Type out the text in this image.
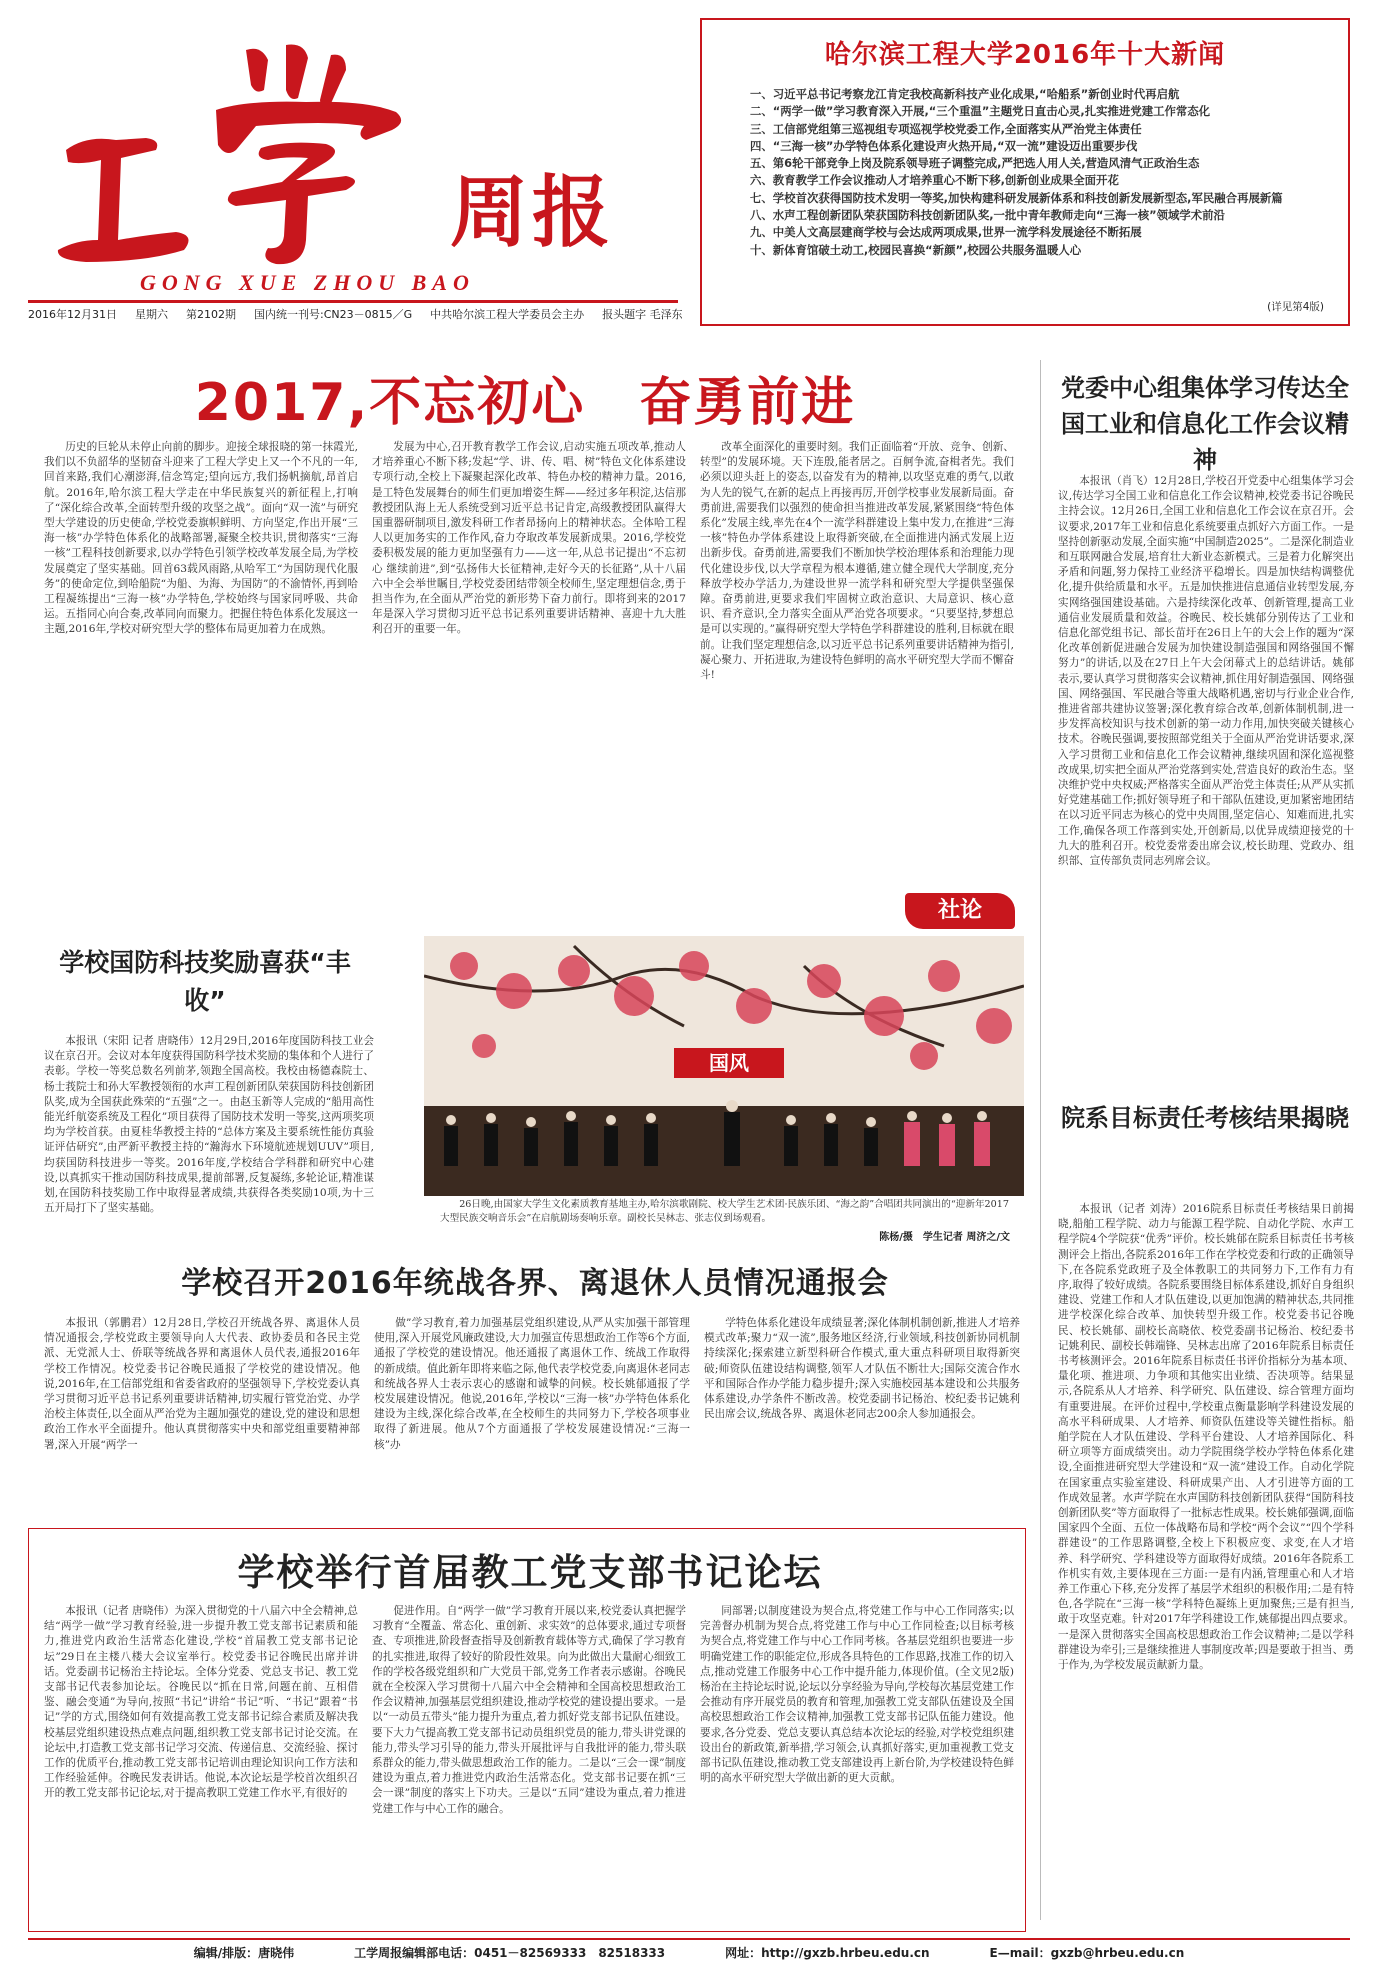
周报
GONG XUE ZHOU BAO
2016年12月31日 星期六 第2102期 国内统一刊号:CN23－0815／G 中共哈尔滨工程大学委员会主办 报头题字 毛泽东
哈尔滨工程大学2016年十大新闻
一、习近平总书记考察龙江肯定我校高新科技产业化成果,“哈船系”新创业时代再启航
二、“两学一做”学习教育深入开展,“三个重温”主题党日直击心灵,扎实推进党建工作常态化
三、工信部党组第三巡视组专项巡视学校党委工作,全面落实从严治党主体责任
四、“三海一核”办学特色体系化建设声火热开局,“双一流”建设迈出重要步伐
五、第6轮干部竞争上岗及院系领导班子调整完成,严把选人用人关,营造风清气正政治生态
六、教育教学工作会议推动人才培养重心不断下移,创新创业成果全面开花
七、学校首次获得国防技术发明一等奖,加快构建科研发展新体系和科技创新发展新型态,军民融合再展新篇
八、水声工程创新团队荣获国防科技创新团队奖,一批中青年教师走向“三海一核”领域学术前沿
九、中美人文高层建商学校与会达成两项成果,世界一流学科发展途径不断拓展
十、新体育馆破土动工,校园民喜换“新颜”,校园公共服务温暖人心
(详见第4版)
2017,不忘初心　奋勇前进
历史的巨轮从未停止向前的脚步。迎接全球报晓的第一抹霞光,我们以不负韶华的坚韧奋斗迎来了工程大学史上又一个不凡的一年,回首来路,我们心潮澎湃,信念笃定;望向远方,我们扬帆摘航,昂首启航。2016年,哈尔滨工程大学走在中华民族复兴的新征程上,打响了“深化综合改革,全面转型升级的攻坚之战”。面向“双一流”与研究型大学建设的历史使命,学校党委旗帜鲜明、方向坚定,作出开展“三海一核”办学特色体系化的战略部署,凝聚全校共识,贯彻落实“三海一核”工程科技创新要求,以办学特色引领学校改革发展全局,为学校发展奠定了坚实基础。回首63载风雨路,从哈军工“为国防现代化服务”的使命定位,到哈船院“为船、为海、为国防”的不渝情怀,再到哈工程凝练提出“三海一核”办学特色,学校始终与国家同呼吸、共命运。五指同心向合奏,改革同向而聚力。把握住特色体系化发展这一主题,2016年,学校对研究型大学的整体布局更加着力在成熟。
发展为中心,召开教育教学工作会议,启动实施五项改革,推动人才培养重心不断下移;发起“学、讲、传、唱、树”特色文化体系建设专项行动,全校上下凝聚起深化改革、特色办校的精神力量。2016,是工特色发展舞台的师生们更加增姿生辉——经过多年积淀,达信那教授团队海上无人系统受到习近平总书记肯定,高级教授团队赢得大国重器研制项目,激发科研工作者昂扬向上的精神状态。全体哈工程人以更加务实的工作作风,奋力夺取改革发展新成果。2016,学校党委积极发展的能力更加坚强有力——这一年,从总书记提出“不忘初心 继续前进”,到“弘扬伟大长征精神,走好今天的长征路”,从十八届六中全会举世瞩目,学校党委团结带领全校师生,坚定理想信念,勇于担当作为,在全面从严治党的新形势下奋力前行。即将到来的2017年是深入学习贯彻习近平总书记系列重要讲话精神、喜迎十九大胜利召开的重要一年。
改革全面深化的重要时刻。我们正面临着“开放、竞争、创新、转型”的发展环境。天下连殷,能者居之。百舸争流,奋楫者先。我们必须以迎头赶上的姿态,以奋发有为的精神,以攻坚克难的勇气,以敢为人先的锐气,在新的起点上再接再厉,开创学校事业发展新局面。奋勇前进,需要我们以强烈的使命担当推进改革发展,紧紧围绕“特色体系化”发展主线,率先在4个一流学科群建设上集中发力,在推进“三海一核”特色办学体系建设上取得新突破,在全面推进内涵式发展上迈出新步伐。奋勇前进,需要我们不断加快学校治理体系和治理能力现代化建设步伐,以大学章程为根本遵循,建立健全现代大学制度,充分释放学校办学活力,为建设世界一流学科和研究型大学提供坚强保障。奋勇前进,更要求我们牢固树立政治意识、大局意识、核心意识、看齐意识,全力落实全面从严治党各项要求。“只要坚持,梦想总是可以实现的。”赢得研究型大学特色学科群建设的胜利,目标就在眼前。让我们坚定理想信念,以习近平总书记系列重要讲话精神为指引,凝心聚力、开拓进取,为建设特色鲜明的高水平研究型大学而不懈奋斗!
社论
党委中心组集体学习传达全国工业和信息化工作会议精神
本报讯（肖飞）12月28日,学校召开党委中心组集体学习会议,传达学习全国工业和信息化工作会议精神,校党委书记谷晚民主持会议。12月26日,全国工业和信息化工作会议在京召开。会议要求,2017年工业和信息化系统要重点抓好六方面工作。一是坚持创新驱动发展,全面实施“中国制造2025”。二是深化制造业和互联网融合发展,培育壮大新业态新模式。三是着力化解突出矛盾和问题,努力保持工业经济平稳增长。四是加快结构调整优化,提升供给质量和水平。五是加快推进信息通信业转型发展,夯实网络强国建设基础。六是持续深化改革、创新管理,提高工业通信业发展质量和效益。谷晚民、校长姚郁分别传达了工业和信息化部党组书记、部长苗圩在26日上午的大会上作的题为“深化改革创新促进融合发展为加快建设制造强国和网络强国不懈努力”的讲话,以及在27日上午大会闭幕式上的总结讲话。姚郁表示,要认真学习贯彻落实会议精神,抓住用好制造强国、网络强国、网络强国、军民融合等重大战略机遇,密切与行业企业合作,推进省部共建协议签署;深化教育综合改革,创新体制机制,进一步发挥高校知识与技术创新的第一动力作用,加快突破关键核心技术。谷晚民强调,要按照部党组关于全面从严治党讲话要求,深入学习贯彻工业和信息化工作会议精神,继续巩固和深化巡视整改成果,切实把全面从严治党落到实处,营造良好的政治生态。坚决维护党中央权威;严格落实全面从严治党主体责任;从严从实抓好党建基础工作;抓好领导班子和干部队伍建设,更加紧密地团结在以习近平同志为核心的党中央周围,坚定信心、知难而进,扎实工作,确保各项工作落到实处,开创新局,以优异成绩迎接党的十九大的胜利召开。校党委常委出席会议,校长助理、党政办、组织部、宣传部负责同志列席会议。
院系目标责任考核结果揭晓
本报讯（记者 刘涛）2016院系目标责任考核结果日前揭晓,船舶工程学院、动力与能源工程学院、自动化学院、水声工程学院4个学院获“优秀”评价。校长姚郁在院系目标责任书考核测评会上指出,各院系2016年工作在学校党委和行政的正确领导下,在各院系党政班子及全体教职工的共同努力下,工作有力有序,取得了较好成绩。各院系要围绕目标体系建设,抓好自身组织建设、党建工作和人才队伍建设,以更加饱满的精神状态,共同推进学校深化综合改革、加快转型升级工作。校党委书记谷晚民、校长姚郁、副校长高晓依、校党委副书记杨治、校纪委书记姚利民、副校长韩端锋、吴林志出席了2016年院系目标责任书考核测评会。2016年院系目标责任书评价指标分为基本项、量化项、推进项、力争项和其他实出业绩、否决项等。结果显示,各院系从人才培养、科学研究、队伍建设、综合管理方面均有重要进展。在评价过程中,学校重点衡量影响学科建设发展的高水平科研成果、人才培养、师资队伍建设等关键性指标。船舶学院在人才队伍建设、学科平台建设、人才培养国际化、科研立项等方面成绩突出。动力学院围绕学校办学特色体系化建设,全面推进研究型大学建设和“双一流”建设工作。自动化学院在国家重点实验室建设、科研成果产出、人才引进等方面的工作成效显著。水声学院在水声国防科技创新团队获得“国防科技创新团队奖”等方面取得了一批标志性成果。校长姚郁强调,面临国家四个全面、五位一体战略布局和学校“两个会议”“四个学科群建设”的工作思路调整,全校上下积极应变、求变,在人才培养、科学研究、学科建设等方面取得好成绩。2016年各院系工作机实有效,主要体现在三方面:一是有内涵,管理重心和人才培养工作重心下移,充分发挥了基层学术组织的积极作用;二是有特色,各学院在“三海一核”学科特色凝练上更加聚焦;三是有担当,敢于攻坚克难。针对2017年学科建设工作,姚郁提出四点要求。一是深入贯彻落实全国高校思想政治工作会议精神;二是以学科群建设为牵引;三是继续推进人事制度改革;四是要敢于担当、勇于作为,为学校发展贡献新力量。
学校国防科技奖励喜获“丰收”
本报讯（宋阳 记者 唐晓伟）12月29日,2016年度国防科技工业会议在京召开。会议对本年度获得国防科学技术奖励的集体和个人进行了表彰。学校一等奖总数名列前茅,领跑全国高校。我校由杨德森院士、杨士莪院士和孙大军教授领衔的水声工程创新团队荣获国防科技创新团队奖,成为全国获此殊荣的“五强”之一。由赵玉新等人完成的“船用高性能光纤航姿系统及工程化”项目获得了国防技术发明一等奖,这两项奖项均为学校首获。由夏桂华教授主持的“总体方案及主要系统性能仿真验证评估研究”,由严新平教授主持的“瀚海水下环境航迹规划UUV”项目,均获国防科技进步一等奖。2016年度,学校结合学科群和研究中心建设,以真抓实干推动国防科技成果,提前部署,反复凝练,多轮论证,精准谋划,在国防科技奖励工作中取得显著成绩,共获得各类奖励10项,为十三五开局打下了坚实基础。
国风
26日晚,由国家大学生文化素质教育基地主办,哈尔滨歌剧院、校大学生艺术团·民族乐团、“海之韵”合唱团共同演出的“迎新年2017大型民族交响音乐会”在启航剧场奏响乐章。副校长吴林志、张志仪到场观看。
陈杨/摄　学生记者 周济之/文
学校召开2016年统战各界、离退休人员情况通报会
本报讯（郭鹏君）12月28日,学校召开统战各界、离退休人员情况通报会,学校党政主要领导向人大代表、政协委员和各民主党派、无党派人士、侨联等统战各界和离退休人员代表,通报2016年学校工作情况。校党委书记谷晚民通报了学校党的建设情况。他说,2016年,在工信部党组和省委省政府的坚强领导下,学校党委认真学习贯彻习近平总书记系列重要讲话精神,切实履行管党治党、办学治校主体责任,以全面从严治党为主题加强党的建设,党的建设和思想政治工作水平全面提升。他认真贯彻落实中央和部党组重要精神部署,深入开展“两学一
做”学习教育,着力加强基层党组织建设,从严从实加强干部管理使用,深入开展党风廉政建设,大力加强宣传思想政治工作等6个方面,通报了学校党的建设情况。他还通报了离退休工作、统战工作取得的新成绩。值此新年即将来临之际,他代表学校党委,向离退休老同志和统战各界人士表示衷心的感谢和诚挚的问候。校长姚郁通报了学校发展建设情况。他说,2016年,学校以“三海一核”办学特色体系化建设为主线,深化综合改革,在全校师生的共同努力下,学校各项事业取得了新进展。他从7个方面通报了学校发展建设情况:“三海一核”办
学特色体系化建设年成绩显著;深化体制机制创新,推进人才培养模式改革;聚力“双一流”,服务地区经济,行业领域,科技创新协同机制持续深化;探索建立新型科研合作模式,重大重点科研项目取得新突破;师资队伍建设结构调整,领军人才队伍不断壮大;国际交流合作水平和国际合作办学能力稳步提升;深入实施校园基本建设和公共服务体系建设,办学条件不断改善。校党委副书记杨治、校纪委书记姚利民出席会议,统战各界、离退休老同志200余人参加通报会。
学校举行首届教工党支部书记论坛
本报讯（记者 唐晓伟）为深入贯彻党的十八届六中全会精神,总结“两学一做”学习教育经验,进一步提升教工党支部书记素质和能力,推进党内政治生活常态化建设,学校“首届教工党支部书记论坛”29日在主楼八楼大会议室举行。校党委书记谷晚民出席并讲话。党委副书记杨治主持论坛。全体分党委、党总支书记、教工党支部书记代表参加论坛。谷晚民以“抓在日常,问题在前、互相借鉴、融会变通”为导向,按照“书记”讲给“书记”听、“书记”跟着“书记”学的方式,围绕如何有效提高教工党支部书记综合素质及解决我校基层党组织建设热点难点问题,组织教工党支部书记讨论交流。在论坛中,打造教工党支部书记学习交流、传递信息、交流经验、探讨工作的优质平台,推动教工党支部书记培训由理论知识向工作方法和工作经验延伸。谷晚民发表讲话。他说,本次论坛是学校首次组织召开的教工党支部书记论坛,对于提高教职工党建工作水平,有很好的
促进作用。自“两学一做”学习教育开展以来,校党委认真把握学习教育“全覆盖、常态化、重创新、求实效”的总体要求,通过专项督查、专项推进,阶段督查指导及创新教育载体等方式,确保了学习教育的扎实推进,取得了较好的阶段性效果。向为此做出大量耐心细致工作的学校各级党组织和广大党员干部,党务工作者表示感谢。谷晚民就在全校深入学习贯彻十八届六中全会精神和全国高校思想政治工作会议精神,加强基层党组织建设,推动学校党的建设提出要求。一是以“一动员五带头”能力提升为重点,着力抓好党支部书记队伍建设。要下大力气提高教工党支部书记动员组织党员的能力,带头讲党课的能力,带头学习引导的能力,带头开展批评与自我批评的能力,带头联系群众的能力,带头做思想政治工作的能力。二是以“三会一课”制度建设为重点,着力推进党内政治生活常态化。党支部书记要在抓“三会一课”制度的落实上下功夫。三是以“五同”建设为重点,着力推进党建工作与中心工作的融合。
同部署;以制度建设为契合点,将党建工作与中心工作同落实;以完善督办机制为契合点,将党建工作与中心工作同检查;以目标考核为契合点,将党建工作与中心工作同考核。各基层党组织也要进一步明确党建工作的职能定位,形成各具特色的工作思路,找准工作的切入点,推动党建工作服务中心工作中提升能力,体现价值。(全文见2版)杨治在主持论坛时说,论坛以分享经验为导向,学校每次基层党建工作会推动有序开展党员的教育和管理,加强教工党支部队伍建设及全国高校思想政治工作会议精神,加强教工党支部书记队伍能力建设。他要求,各分党委、党总支要认真总结本次论坛的经验,对学校党组织建设出台的新政策,新举措,学习领会,认真抓好落实,更加重视教工党支部书记队伍建设,推动教工党支部建设再上新台阶,为学校建设特色鲜明的高水平研究型大学做出新的更大贡献。
编辑/排版：唐晓伟	工学周报编辑部电话：0451－82569333　82518333	网址：http://gxzb.hrbeu.edu.cn	E—mail：gxzb@hrbeu.edu.cn
